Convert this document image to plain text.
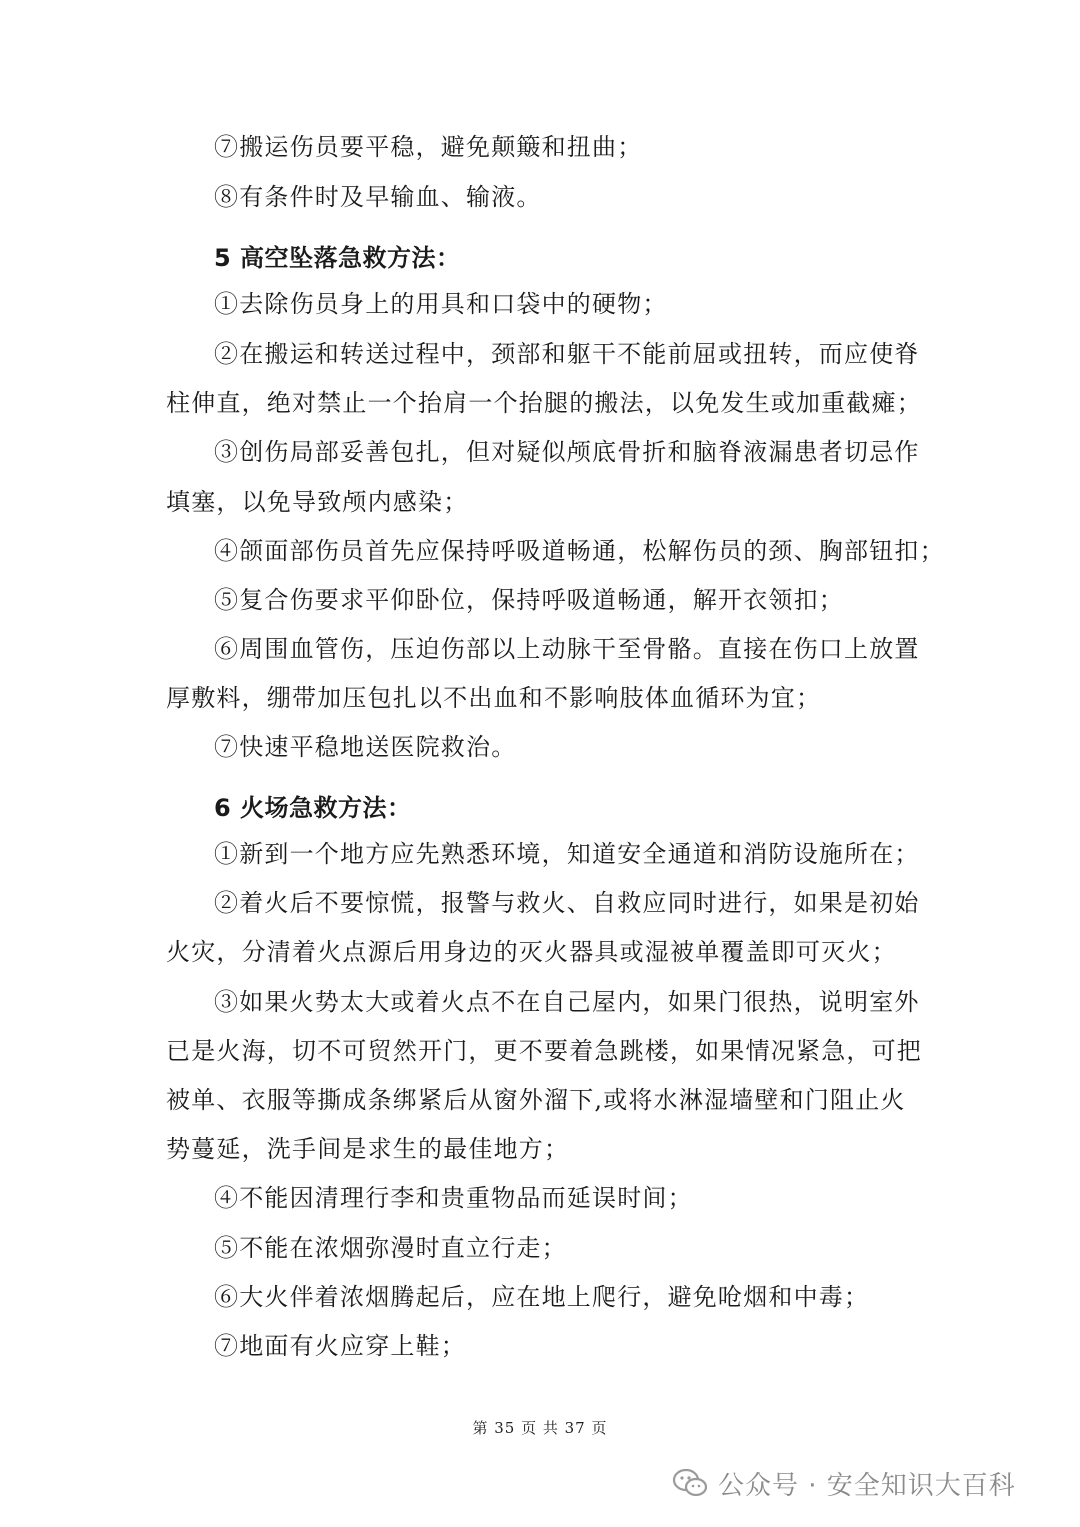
⑦搬运伤员要平稳，避免颠簸和扭曲；
⑧有条件时及早输血、输液。
5 高空坠落急救方法：
①去除伤员身上的用具和口袋中的硬物；
②在搬运和转送过程中，颈部和躯干不能前屈或扭转，而应使脊
柱伸直，绝对禁止一个抬肩一个抬腿的搬法，以免发生或加重截瘫；
③创伤局部妥善包扎，但对疑似颅底骨折和脑脊液漏患者切忌作
填塞，以免导致颅内感染；
④颌面部伤员首先应保持呼吸道畅通，松解伤员的颈、胸部钮扣；
⑤复合伤要求平仰卧位，保持呼吸道畅通，解开衣领扣；
⑥周围血管伤，压迫伤部以上动脉干至骨骼。直接在伤口上放置
厚敷料，绷带加压包扎以不出血和不影响肢体血循环为宜；
⑦快速平稳地送医院救治。
6 火场急救方法：
①新到一个地方应先熟悉环境，知道安全通道和消防设施所在；
②着火后不要惊慌，报警与救火、自救应同时进行，如果是初始
火灾，分清着火点源后用身边的灭火器具或湿被单覆盖即可灭火；
③如果火势太大或着火点不在自己屋内，如果门很热，说明室外
已是火海，切不可贸然开门，更不要着急跳楼，如果情况紧急，可把
被单、衣服等撕成条绑紧后从窗外溜下,或将水淋湿墙壁和门阻止火
势蔓延，洗手间是求生的最佳地方；
④不能因清理行李和贵重物品而延误时间；
⑤不能在浓烟弥漫时直立行走；
⑥大火伴着浓烟腾起后，应在地上爬行，避免呛烟和中毒；
⑦地面有火应穿上鞋；
第 35 页 共 37 页
公众号 · 安全知识大百科
